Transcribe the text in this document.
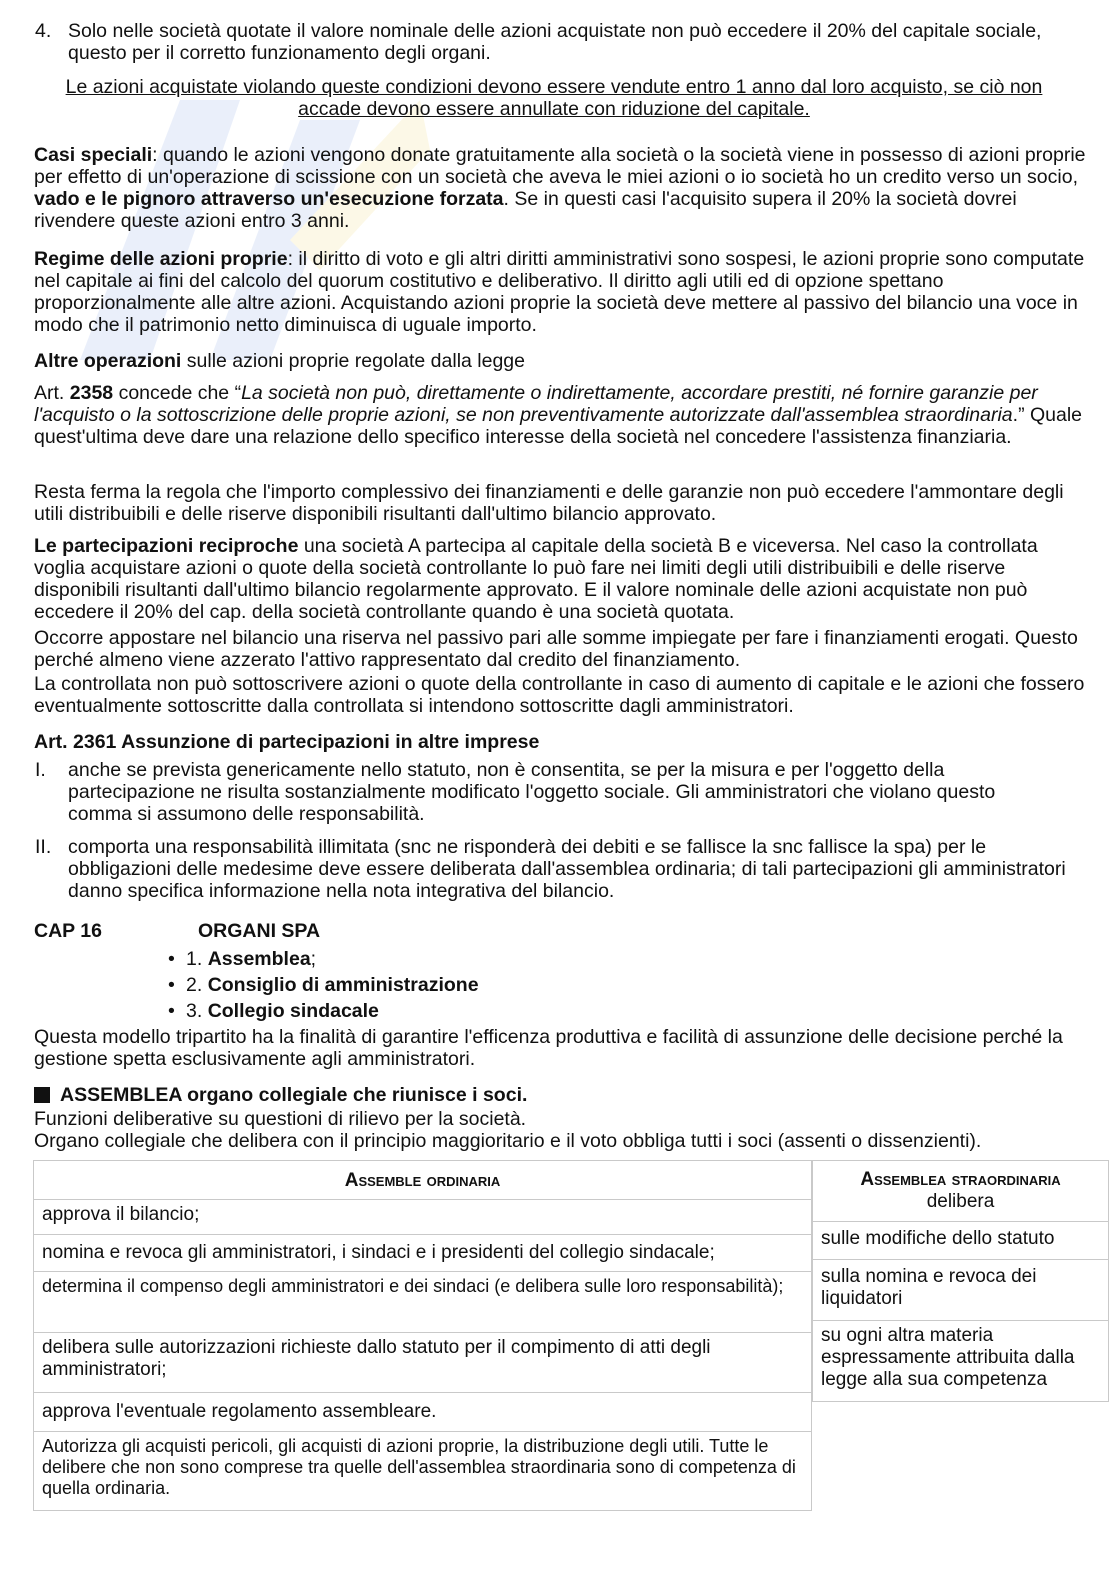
4. Solo nelle società quotate il valore nominale delle azioni acquistate non può eccedere il 20% del capitale sociale, questo per il corretto funzionamento degli organi.

Le azioni acquistate violando queste condizioni devono essere vendute entro 1 anno dal loro acquisto, se ciò non accade devono essere annullate con riduzione del capitale.

Casi speciali: quando le azioni vengono donate gratuitamente alla società o la società viene in possesso di azioni proprie per effetto di un'operazione di scissione con un società che aveva le miei azioni o io società ho un credito verso un socio, vado e le pignoro attraverso un'esecuzione forzata. Se in questi casi l'acquisito supera il 20% la società dovrei rivendere queste azioni entro 3 anni.

Regime delle azioni proprie: il diritto di voto e gli altri diritti amministrativi sono sospesi, le azioni proprie sono computate nel capitale ai fini del calcolo del quorum costitutivo e deliberativo. Il diritto agli utili ed di opzione spettano proporzionalmente alle altre azioni. Acquistando azioni proprie la società deve mettere al passivo del bilancio una voce in modo che il patrimonio netto diminuisca di uguale importo.

Altre operazioni sulle azioni proprie regolate dalla legge

Art. 2358 concede che “La società non può, direttamente o indirettamente, accordare prestiti, né fornire garanzie per l'acquisto o la sottoscrizione delle proprie azioni, se non preventivamente autorizzate dall'assemblea straordinaria.” Quale quest'ultima deve dare una relazione dello specifico interesse della società nel concedere l'assistenza finanziaria.

Resta ferma la regola che l'importo complessivo dei finanziamenti e delle garanzie non può eccedere l'ammontare degli utili distribuibili e delle riserve disponibili risultanti dall'ultimo bilancio approvato.

Le partecipazioni reciproche una società A partecipa al capitale della società B e viceversa. Nel caso la controllata voglia acquistare azioni o quote della società controllante lo può fare nei limiti degli utili distribuibili e delle riserve disponibili risultanti dall'ultimo bilancio regolarmente approvato. E il valore nominale delle azioni acquistate non può eccedere il 20% del cap. della società controllante quando è una società quotata.

Occorre appostare nel bilancio una riserva nel passivo pari alle somme impiegate per fare i finanziamenti erogati. Questo perché almeno viene azzerato l'attivo rappresentato dal credito del finanziamento.

La controllata non può sottoscrivere azioni o quote della controllante in caso di aumento di capitale e le azioni che fossero eventualmente sottoscritte dalla controllata si intendono sottoscritte dagli amministratori.

Art. 2361 Assunzione di partecipazioni in altre imprese

I.	anche se prevista genericamente nello statuto, non è consentita, se per la misura e per l'oggetto della partecipazione ne risulta sostanzialmente modificato l'oggetto sociale. Gli amministratori che violano questo comma si assumono delle responsabilità.

II. comporta una responsabilità illimitata (snc ne risponderà dei debiti e se fallisce la snc fallisce la spa) per le obbligazioni delle medesime deve essere deliberata dall'assemblea ordinaria; di tali partecipazioni gli amministratori danno specifica informazione nella nota integrativa del bilancio.

CAP 16	ORGANI SPA

• 1. Assemblea;

• 2. Consiglio di amministrazione

• 3. Collegio sindacale

Questa modello tripartito ha la finalità di garantire l'efficenza produttiva e facilità di assunzione delle decisione perché la gestione spetta esclusivamente agli amministratori.

ASSEMBLEA organo collegiale che riunisce i soci.

Funzioni deliberative su questioni di rilievo per la società.

Organo collegiale che delibera con il principio maggioritario e il voto obbliga tutti i soci (assenti o dissenzienti).

Assemble ordinaria
approva il bilancio;
nomina e revoca gli amministratori, i sindaci e i presidenti del collegio sindacale;
determina il compenso degli amministratori e dei sindaci (e delibera sulle loro responsabilità);
delibera sulle autorizzazioni richieste dallo statuto per il compimento di atti degli amministratori;
approva l'eventuale regolamento assembleare.
Autorizza gli acquisti pericoli, gli acquisti di azioni proprie, la distribuzione degli utili. Tutte le delibere che non sono comprese tra quelle dell'assemblea straordinaria sono di competenza di quella ordinaria.
Assemblea straordinaria
delibera
sulle modifiche dello statuto
sulla nomina e revoca dei liquidatori
su ogni altra materia espressamente attribuita dalla legge alla sua competenza
